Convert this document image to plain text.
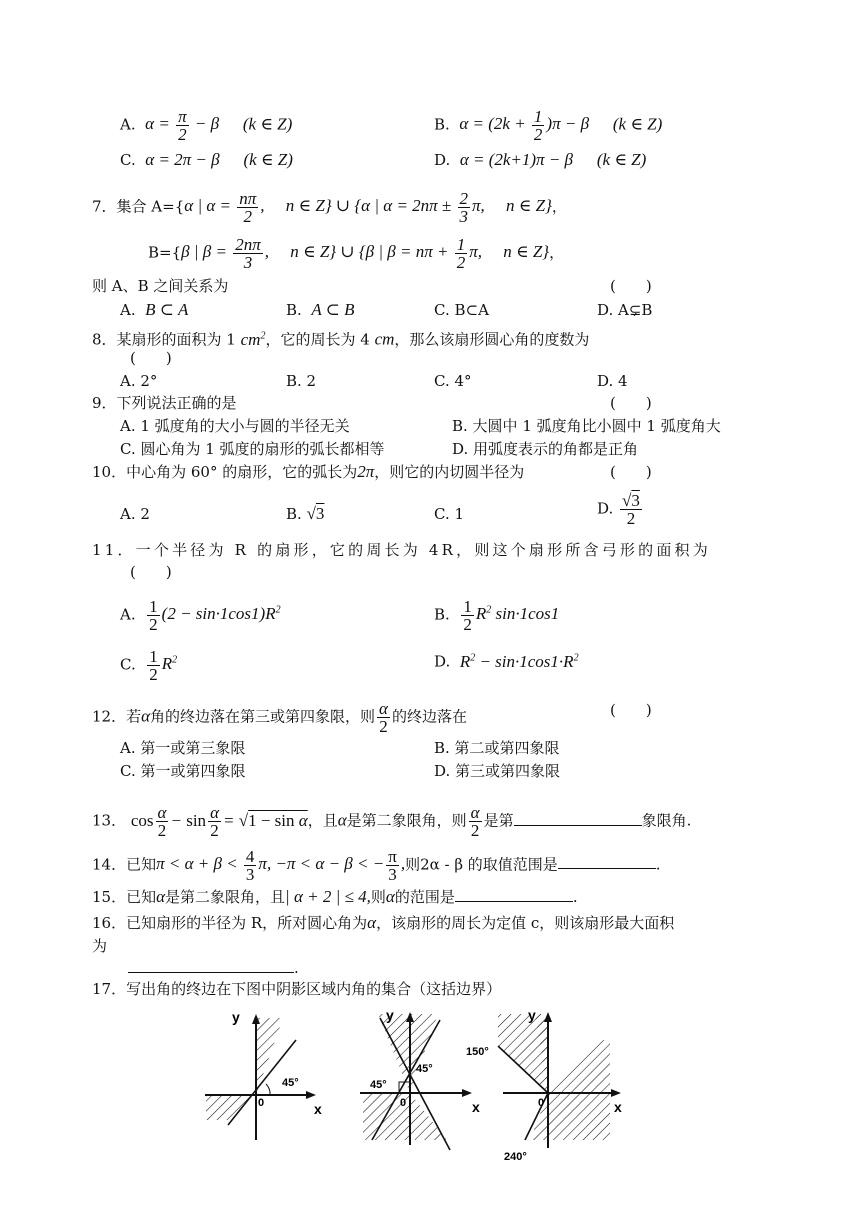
A. $\alpha = \frac{\pi}{2} - \beta$ (k ∈ Z)	B. $\alpha = (2k + \frac{1}{2} )\pi - \beta$ (k ∈ Z)
C. α = 2π − β (k ∈ Z)	D. α = (2k+1)π − β (k ∈ Z)
7．集合 A={α | $\alpha = \frac{n\pi}{2}$ ,     n ∈ Z} ∪ {α | $\alpha = 2n\pi \pm \frac{2}{3} \pi$,     n ∈ Z}，
B={β | $\beta = \frac{2n\pi}{3}$ ,     n ∈ Z} ∪ {β | $\beta = n\pi + \frac{1}{2} \pi$,     n ∈ Z}，
则 A、B 之间关系为	(　　)
A. B ⊂ A	B. A ⊂ B	C. B⊂A	D. A⊊B
8．某扇形的面积为 1 $cm^2$，它的周长为 4 cm，那么该扇形圆心角的度数为
(　　)
A. 2°	B. 2	C. 4°	D. 4
9．下列说法正确的是	(　　)
A. 1 弧度角的大小与圆的半径无关	B. 大圆中 1 弧度角比小圆中 1 弧度角大
C. 圆心角为 1 弧度的扇形的弧长都相等	D. 用弧度表示的角都是正角
10．中心角为 60° 的扇形，它的弧长为2π，则它的内切圆半径为	(　　)
A. 2	B. √3	C. 1	D. $\frac{√3}{2}$
11．一个半径为 R 的扇形，它的周长为 4R，则这个扇形所含弓形的面积为
(　　)
A. $\frac{1}{2} (2 - \sin\cdot 1\cos 1)R^2$	B. $\frac{1}{2} R^2$ sin·1cos1
C. $\frac{1}{2} R^2$	D. $R^2 - \sin\cdot 1\cos 1\cdot R^2$
12．若α角的终边落在第三或第四象限，则 $\frac{\alpha}{2}$ 的终边落在	(　　)
A. 第一或第三象限	B. 第二或第四象限
C. 第一或第四象限	D. 第三或第四象限
13． $\cos \frac{\alpha}{2} - \sin \frac{\alpha}{2} = √1 - \sin \alpha$，且α是第二象限角，则 $\frac{\alpha}{2}$ 是第	象限角.
14．已知$\pi < \alpha + \beta < \frac{4}{3} \pi$, −π < α − β < − $\frac{\pi}{3}$ ,则2α - β 的取值范围是	.
15．已知α是第二象限角，且| α + 2 | ≤ 4,则α的范围是	.
16．已知扇形的半径为 R，所对圆心角为α，该扇形的周长为定值 c，则该扇形最大面积
为
.
17．写出角的终边在下图中阴影区域内角的集合（这括边界）
y
x
0
45°
y
x
0
45°
45°
y
x
0
150°
240°
